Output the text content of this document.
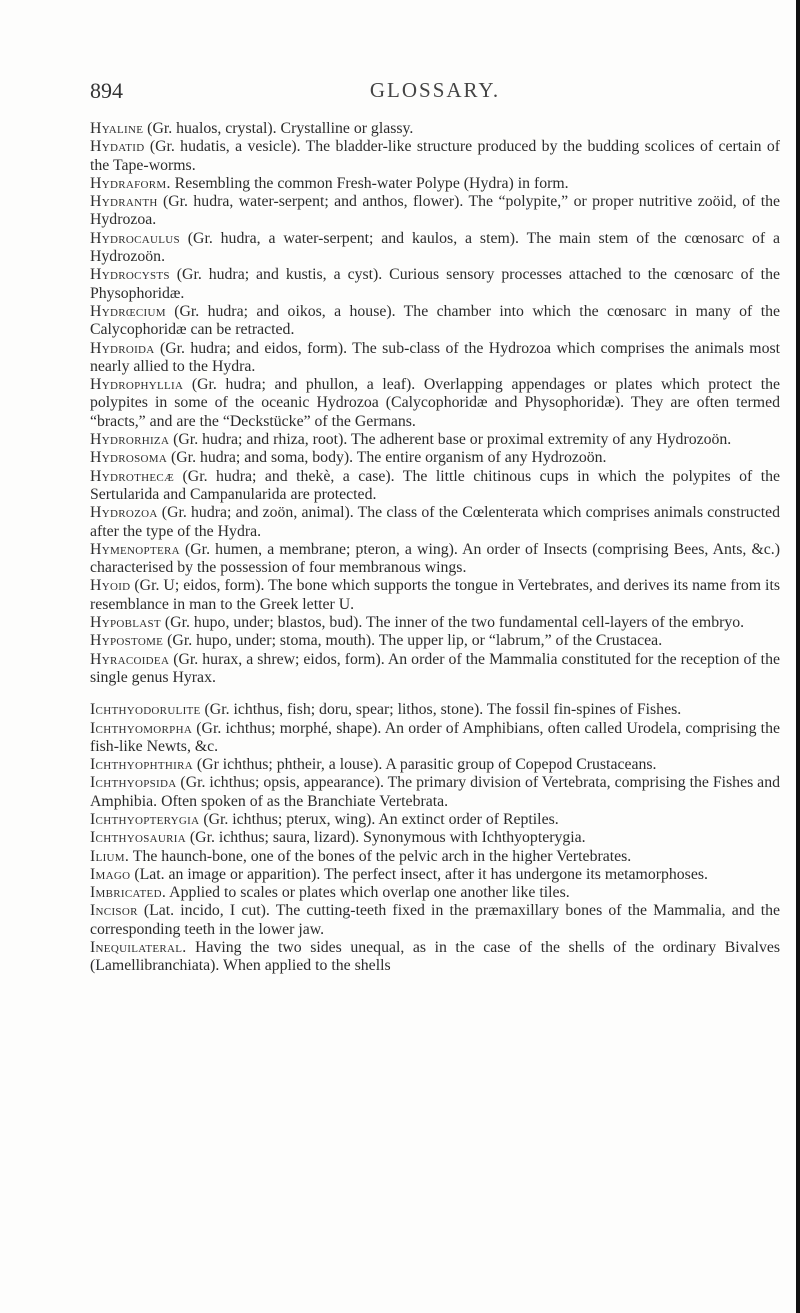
894	GLOSSARY.

Hyaline (Gr. hualos, crystal). Crystalline or glassy.

Hydatid (Gr. hudatis, a vesicle). The bladder-like structure produced by the budding scolices of certain of the Tape-worms.

Hydraform. Resembling the common Fresh-water Polype (Hydra) in form.

Hydranth (Gr. hudra, water-serpent; and anthos, flower). The “polypite,” or proper nutritive zoöid, of the Hydrozoa.

Hydrocaulus (Gr. hudra, a water-serpent; and kaulos, a stem). The main stem of the cœnosarc of a Hydrozoön.

Hydrocysts (Gr. hudra; and kustis, a cyst). Curious sensory processes attached to the cœnosarc of the Physophoridæ.

Hydrœcium (Gr. hudra; and oikos, a house). The chamber into which the cœnosarc in many of the Calycophoridæ can be retracted.

Hydroida (Gr. hudra; and eidos, form). The sub-class of the Hydrozoa which comprises the animals most nearly allied to the Hydra.

Hydrophyllia (Gr. hudra; and phullon, a leaf). Overlapping appendages or plates which protect the polypites in some of the oceanic Hydrozoa (Calycophoridæ and Physophoridæ). They are often termed “bracts,” and are the “Deckstücke” of the Germans.

Hydrorhiza (Gr. hudra; and rhiza, root). The adherent base or proximal extremity of any Hydrozoön.

Hydrosoma (Gr. hudra; and soma, body). The entire organism of any Hydrozoön.

Hydrothecæ (Gr. hudra; and thekè, a case). The little chitinous cups in which the polypites of the Sertularida and Campanularida are protected.

Hydrozoa (Gr. hudra; and zoön, animal). The class of the Cœlenterata which comprises animals constructed after the type of the Hydra.

Hymenoptera (Gr. humen, a membrane; pteron, a wing). An order of Insects (comprising Bees, Ants, &c.) characterised by the possession of four membranous wings.

Hyoid (Gr. U; eidos, form). The bone which supports the tongue in Vertebrates, and derives its name from its resemblance in man to the Greek letter U.

Hypoblast (Gr. hupo, under; blastos, bud). The inner of the two fundamental cell-layers of the embryo.

Hypostome (Gr. hupo, under; stoma, mouth). The upper lip, or “labrum,” of the Crustacea.

Hyracoidea (Gr. hurax, a shrew; eidos, form). An order of the Mammalia constituted for the reception of the single genus Hyrax.

Ichthyodorulite (Gr. ichthus, fish; doru, spear; lithos, stone). The fossil fin-spines of Fishes.

Ichthyomorpha (Gr. ichthus; morphé, shape). An order of Amphibians, often called Urodela, comprising the fish-like Newts, &c.

Ichthyophthira (Gr ichthus; phtheir, a louse). A parasitic group of Copepod Crustaceans.

Ichthyopsida (Gr. ichthus; opsis, appearance). The primary division of Vertebrata, comprising the Fishes and Amphibia. Often spoken of as the Branchiate Vertebrata.

Ichthyopterygia (Gr. ichthus; pterux, wing). An extinct order of Reptiles.

Ichthyosauria (Gr. ichthus; saura, lizard). Synonymous with Ichthyopterygia.

Ilium. The haunch-bone, one of the bones of the pelvic arch in the higher Vertebrates.

Imago (Lat. an image or apparition). The perfect insect, after it has undergone its metamorphoses.

Imbricated. Applied to scales or plates which overlap one another like tiles.

Incisor (Lat. incido, I cut). The cutting-teeth fixed in the præmaxillary bones of the Mammalia, and the corresponding teeth in the lower jaw.

Inequilateral. Having the two sides unequal, as in the case of the shells of the ordinary Bivalves (Lamellibranchiata). When applied to the shells
